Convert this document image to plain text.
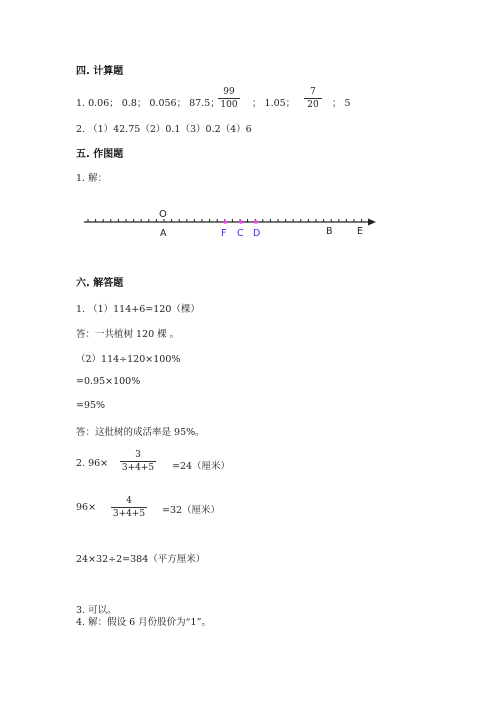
四. 计算题
1. 0.06； 0.8； 0.056； 87.5；
99
100 ； 1.05；
7
20	； 5
2. （1）42.75（2）0.1（3）0.2（4）6
五. 作图题
1. 解：
O
A	F C D	B	E
六. 解答题
1. （1）114+6=120（棵）
答：一共植树 120 棵 。
（2）114÷120×100%
=0.95×100%
=95%
答：这批树的成活率是 95%。
2. 96×
3
3+4+5 =24（厘米）
96×
4
3+4+5 =32（厘米）
24×32÷2=384（平方厘米）
3. 可以。
4. 解：假设 6 月份股价为“1”。
